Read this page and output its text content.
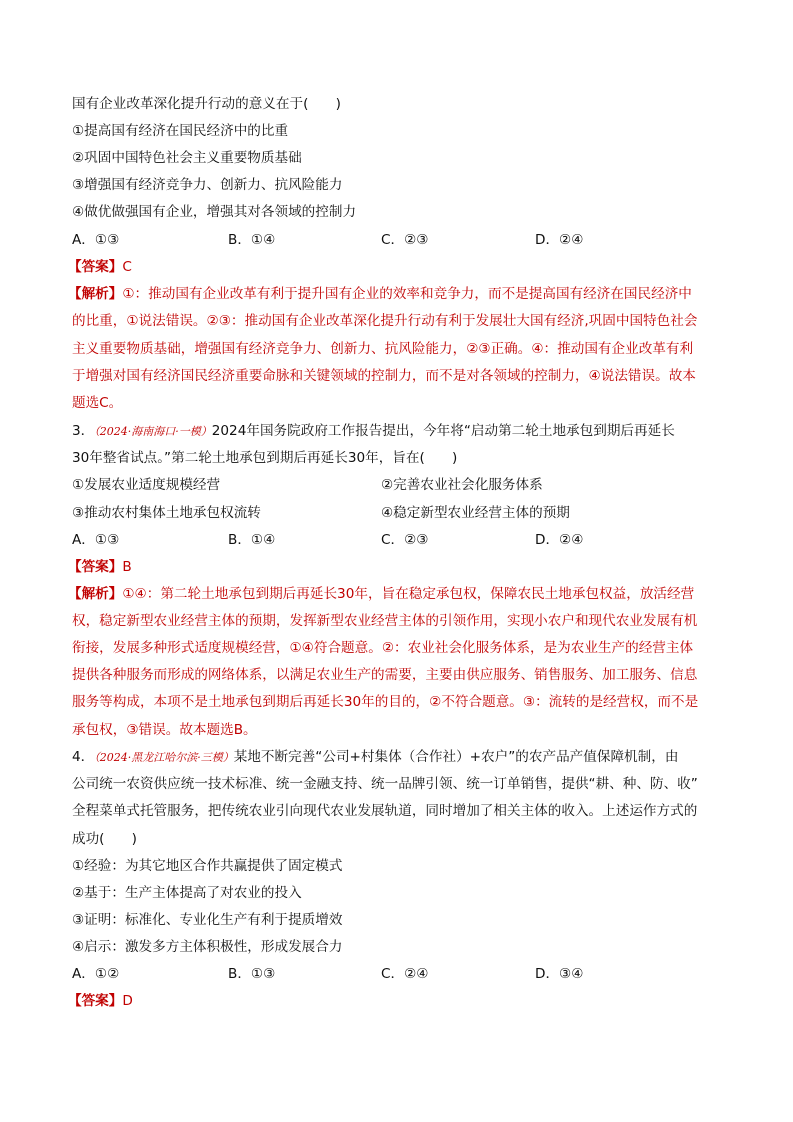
国有企业改革深化提升行动的意义在于(　　)
①提高国有经济在国民经济中的比重
②巩固中国特色社会主义重要物质基础
③增强国有经济竞争力、创新力、抗风险能力
④做优做强国有企业，增强其对各领域的控制力
A．①③	B．①④	C．②③	D．②④
【答案】C
【解析】①：推动国有企业改革有利于提升国有企业的效率和竞争力，而不是提高国有经济在国民经济中
的比重，①说法错误。②③：推动国有企业改革深化提升行动有利于发展壮大国有经济,巩固中国特色社会
主义重要物质基础，增强国有经济竞争力、创新力、抗风险能力，②③正确。④：推动国有企业改革有利
于增强对国有经济国民经济重要命脉和关键领域的控制力，而不是对各领域的控制力，④说法错误。故本
题选C。
3．（2024·海南海口·一模）2024年国务院政府工作报告提出，今年将“启动第二轮土地承包到期后再延长
30年整省试点。”第二轮土地承包到期后再延长30年，旨在(　　)
①发展农业适度规模经营	②完善农业社会化服务体系
③推动农村集体土地承包权流转	④稳定新型农业经营主体的预期
A．①③	B．①④	C．②③	D．②④
【答案】B
【解析】①④：第二轮土地承包到期后再延长30年，旨在稳定承包权，保障农民土地承包权益，放活经营
权，稳定新型农业经营主体的预期，发挥新型农业经营主体的引领作用，实现小农户和现代农业发展有机
衔接，发展多种形式适度规模经营，①④符合题意。②：农业社会化服务体系，是为农业生产的经营主体
提供各种服务而形成的网络体系，以满足农业生产的需要，主要由供应服务、销售服务、加工服务、信息
服务等构成，本项不是土地承包到期后再延长30年的目的，②不符合题意。③：流转的是经营权，而不是
承包权，③错误。故本题选B。
4．（2024·黑龙江哈尔滨·三模）某地不断完善“公司+村集体（合作社）+农户”的农产品产值保障机制，由
公司统一农资供应统一技术标准、统一金融支持、统一品牌引领、统一订单销售，提供“耕、种、防、收”
全程菜单式托管服务，把传统农业引向现代农业发展轨道，同时增加了相关主体的收入。上述运作方式的
成功(　　)
①经验：为其它地区合作共赢提供了固定模式
②基于：生产主体提高了对农业的投入
③证明：标准化、专业化生产有利于提质增效
④启示：激发多方主体积极性，形成发展合力
A．①②	B．①③	C．②④	D．③④
【答案】D
